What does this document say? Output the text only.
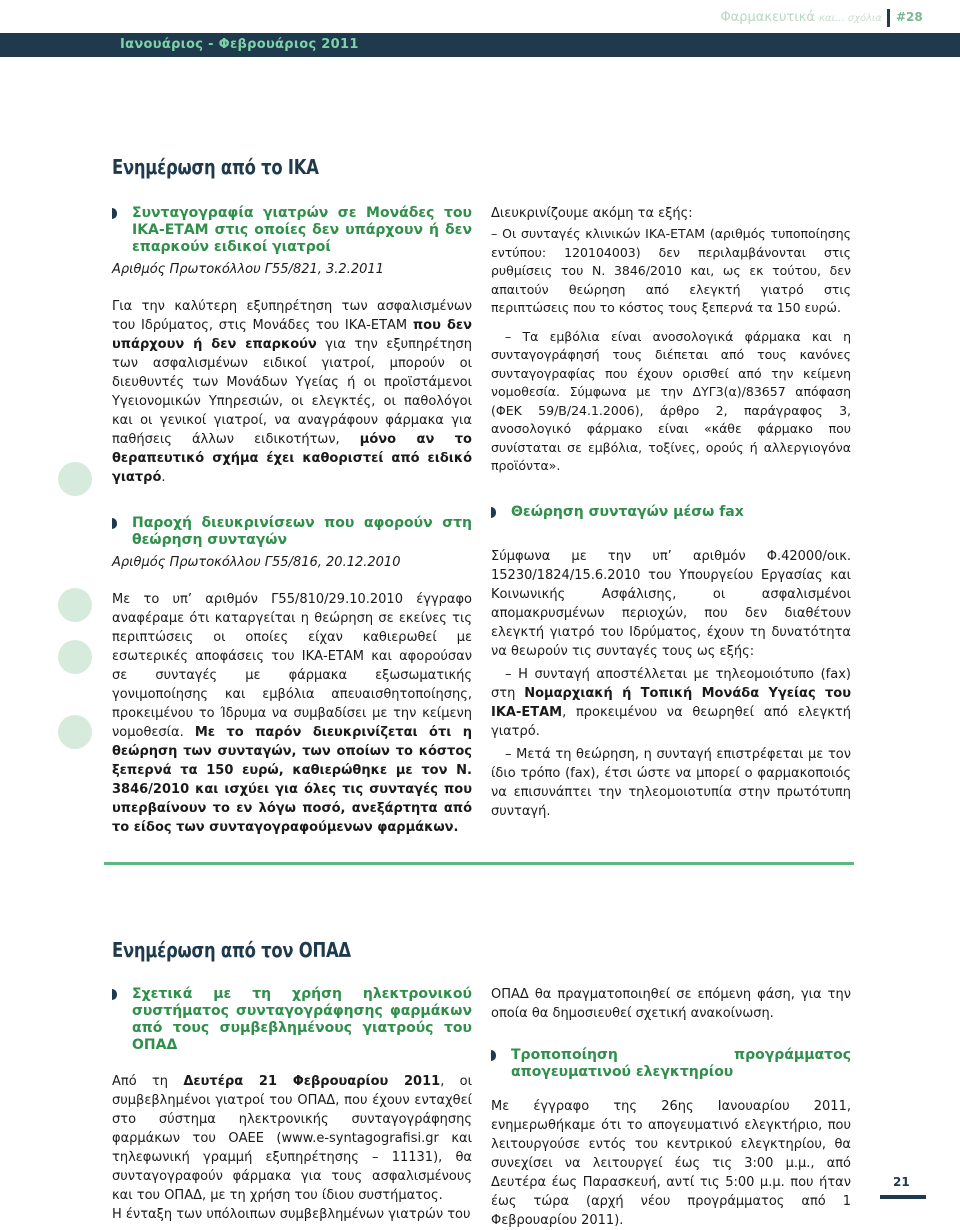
Φαρμακευτικά και... σχόλια #28
Ιανουάριος - Φεβρουάριος 2011
Ενημέρωση από το ΙΚΑ
Συνταγογραφία γιατρών σε Μονάδες του ΙΚΑ-ΕΤΑΜ στις οποίες δεν υπάρχουν ή δεν επαρκούν ειδικοί γιατροί

Αριθμός Πρωτοκόλλου Γ55/821, 3.2.2011

Για την καλύτερη εξυπηρέτηση των ασφαλισμένων του Ιδρύματος, στις Μονάδες του ΙΚΑ-ΕΤΑΜ που δεν υπάρχουν ή δεν επαρκούν για την εξυπηρέτηση των ασφαλισμένων ειδικοί γιατροί, μπορούν οι διευθυντές των Μονάδων Υγείας ή οι προϊστάμενοι Υγειονομικών Υπηρεσιών, οι ελεγκτές, οι παθολόγοι και οι γενικοί γιατροί, να αναγράφουν φάρμακα για παθήσεις άλλων ειδικοτήτων, μόνο αν το θεραπευτικό σχήμα έχει καθοριστεί από ειδικό γιατρό.

Παροχή διευκρινίσεων που αφορούν στη θεώρηση συνταγών

Αριθμός Πρωτοκόλλου Γ55/816, 20.12.2010

Με το υπ’ αριθμόν Γ55/810/29.10.2010 έγγραφο αναφέραμε ότι καταργείται η θεώρηση σε εκείνες τις περιπτώσεις οι οποίες είχαν καθιερωθεί με εσωτερικές αποφάσεις του ΙΚΑ-ΕΤΑΜ και αφορούσαν σε συνταγές με φάρμακα εξωσωματικής γονιμοποίησης και εμβόλια απευαισθητοποίησης, προκειμένου το Ίδρυμα να συμβαδίσει με την κείμενη νομοθεσία. Με το παρόν διευκρινίζεται ότι η θεώρηση των συνταγών, των οποίων το κόστος ξεπερνά τα 150 ευρώ, καθιερώθηκε με τον Ν. 3846/2010 και ισχύει για όλες τις συνταγές που υπερβαίνουν το εν λόγω ποσό, ανεξάρτητα από το είδος των συνταγογραφούμενων φαρμάκων.

Διευκρινίζουμε ακόμη τα εξής:

– Οι συνταγές κλινικών ΙΚΑ-ΕΤΑΜ (αριθμός τυποποίησης εντύπου: 120104003) δεν περιλαμβάνονται στις ρυθμίσεις του Ν. 3846/2010 και, ως εκ τούτου, δεν απαιτούν θεώρηση από ελεγκτή γιατρό στις περιπτώσεις που το κόστος τους ξεπερνά τα 150 ευρώ.

– Τα εμβόλια είναι ανοσολογικά φάρμακα και η συνταγογράφησή τους διέπεται από τους κανόνες συνταγογραφίας που έχουν ορισθεί από την κείμενη νομοθεσία. Σύμφωνα με την ΔΥΓ3(α)/83657 απόφαση (ΦΕΚ 59/Β/24.1.2006), άρθρο 2, παράγραφος 3, ανοσολογικό φάρμακο είναι «κάθε φάρμακο που συνίσταται σε εμβόλια, τοξίνες, ορούς ή αλλεργιογόνα προϊόντα».

Θεώρηση συνταγών μέσω fax

Σύμφωνα με την υπ’ αριθμόν Φ.42000/οικ. 15230/1824/15.6.2010 του Υπουργείου Εργασίας και Κοινωνικής Ασφάλισης, οι ασφαλισμένοι απομακρυσμένων περιοχών, που δεν διαθέτουν ελεγκτή γιατρό του Ιδρύματος, έχουν τη δυνατότητα να θεωρούν τις συνταγές τους ως εξής:

– Η συνταγή αποστέλλεται με τηλεομοιότυπο (fax) στη Νομαρχιακή ή Τοπική Μονάδα Υγείας του ΙΚΑ-ΕΤΑΜ, προκειμένου να θεωρηθεί από ελεγκτή γιατρό.

– Μετά τη θεώρηση, η συνταγή επιστρέφεται με τον ίδιο τρόπο (fax), έτσι ώστε να μπορεί ο φαρμακοποιός να επισυνάπτει την τηλεομοιοτυπία στην πρωτότυπη συνταγή.

Ενημέρωση από τον ΟΠΑΔ
Σχετικά με τη χρήση ηλεκτρονικού συστήματος συνταγογράφησης φαρμάκων από τους συμβεβλημένους γιατρούς του ΟΠΑΔ

Από τη Δευτέρα 21 Φεβρουαρίου 2011, οι συμβεβλημένοι γιατροί του ΟΠΑΔ, που έχουν ενταχθεί στο σύστημα ηλεκτρονικής συνταγογράφησης φαρμάκων του ΟΑΕΕ (www.e-syntagografisi.gr και τηλεφωνική γραμμή εξυπηρέτησης – 11131), θα συνταγογραφούν φάρμακα για τους ασφαλισμένους και του ΟΠΑΔ, με τη χρήση του ίδιου συστήματος.

Η ένταξη των υπόλοιπων συμβεβλημένων γιατρών του

ΟΠΑΔ θα πραγματοποιηθεί σε επόμενη φάση, για την οποία θα δημοσιευθεί σχετική ανακοίνωση.

Τροποποίηση προγράμματος απογευματινού ελεγκτηρίου

Με έγγραφο της 26ης Ιανουαρίου 2011, ενημερωθήκαμε ότι το απογευματινό ελεγκτήριο, που λειτουργούσε εντός του κεντρικού ελεγκτηρίου, θα συνεχίσει να λειτουργεί έως τις 3:00 μ.μ., από Δευτέρα έως Παρασκευή, αντί τις 5:00 μ.μ. που ήταν έως τώρα (αρχή νέου προγράμματος από 1 Φεβρουαρίου 2011).

21
